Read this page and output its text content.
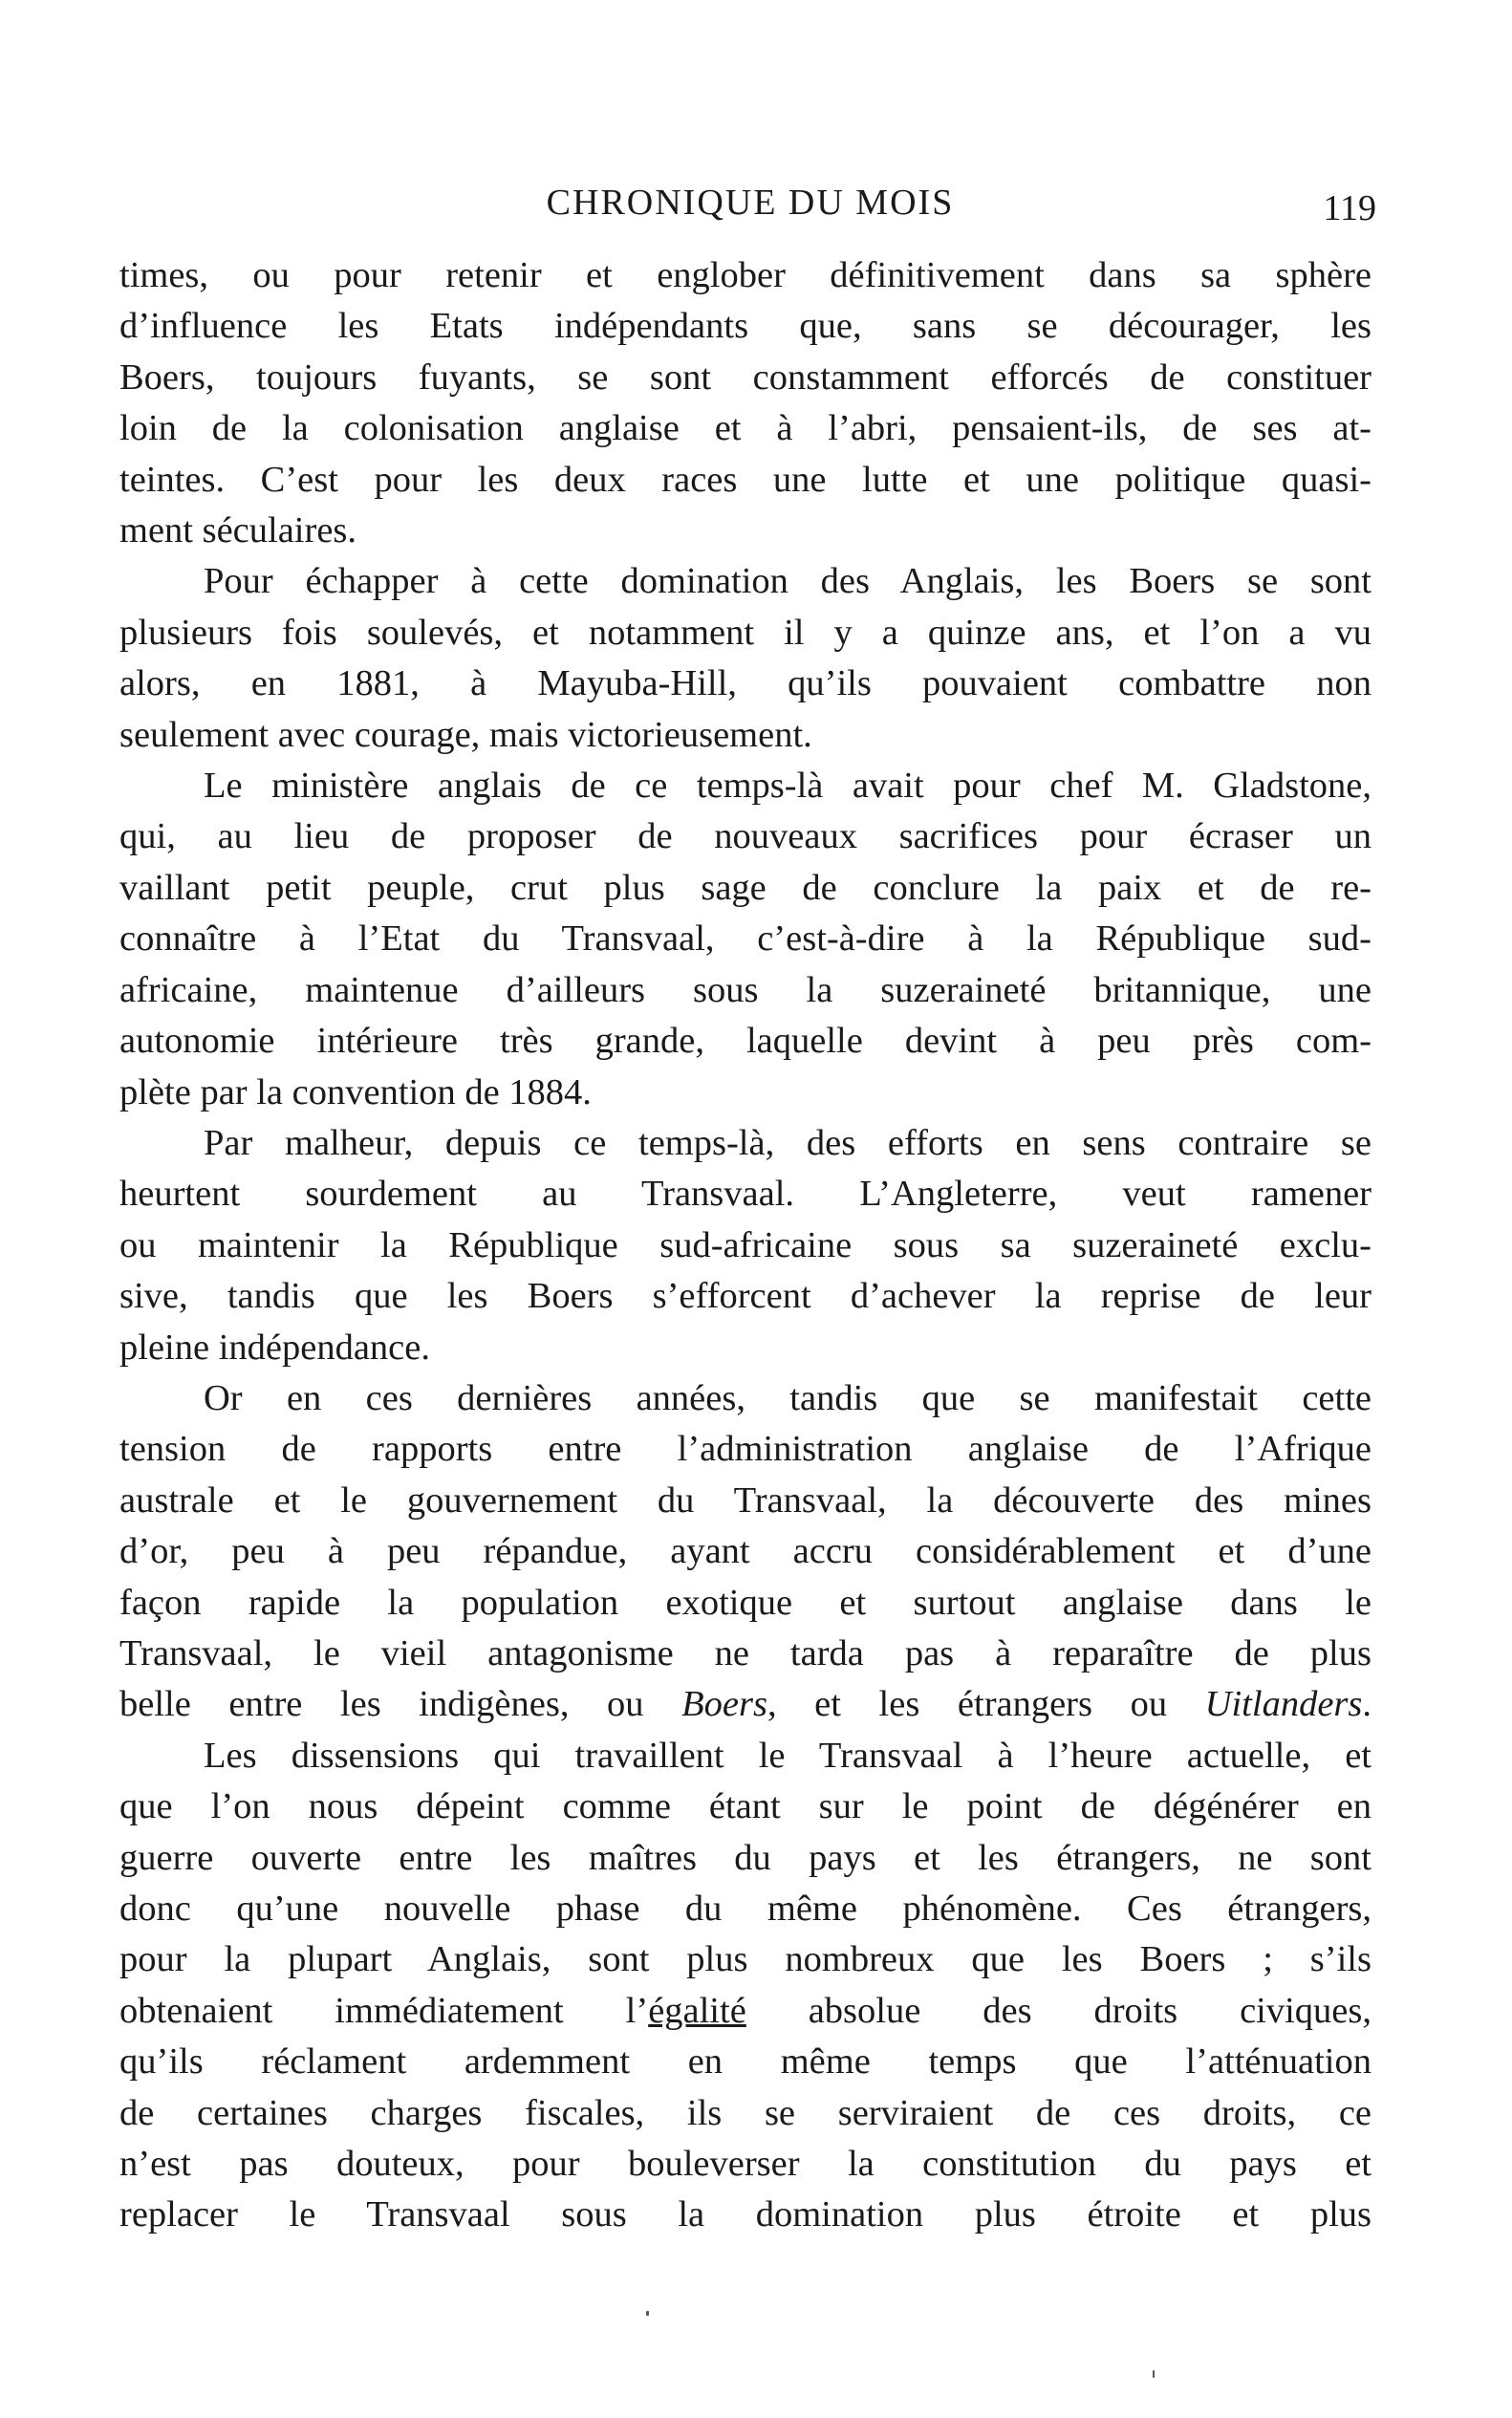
CHRONIQUE DU MOIS	119

times, ou pour retenir et englober définitivement dans sa sphère
d’influence les Etats indépendants que, sans se décourager, les
Boers, toujours fuyants, se sont constamment efforcés de constituer
loin de la colonisation anglaise et à l’abri, pensaient-ils, de ses at-
teintes. C’est pour les deux races une lutte et une politique quasi-
ment séculaires.

Pour échapper à cette domination des Anglais, les Boers se sont
plusieurs fois soulevés, et notamment il y a quinze ans, et l’on a vu
alors, en 1881, à Mayuba-Hill, qu’ils pouvaient combattre non
seulement avec courage, mais victorieusement.

Le ministère anglais de ce temps-là avait pour chef M. Gladstone,
qui, au lieu de proposer de nouveaux sacrifices pour écraser un
vaillant petit peuple, crut plus sage de conclure la paix et de re-
connaître à l’Etat du Transvaal, c’est-à-dire à la République sud-
africaine, maintenue d’ailleurs sous la suzeraineté britannique, une
autonomie intérieure très grande, laquelle devint à peu près com-
plète par la convention de 1884.

Par malheur, depuis ce temps-là, des efforts en sens contraire se
heurtent sourdement au Transvaal. L’Angleterre, veut ramener
ou maintenir la République sud-africaine sous sa suzeraineté exclu-
sive, tandis que les Boers s’efforcent d’achever la reprise de leur
pleine indépendance.

Or en ces dernières années, tandis que se manifestait cette
tension de rapports entre l’administration anglaise de l’Afrique
australe et le gouvernement du Transvaal, la découverte des mines
d’or, peu à peu répandue, ayant accru considérablement et d’une
façon rapide la population exotique et surtout anglaise dans le
Transvaal, le vieil antagonisme ne tarda pas à reparaître de plus
belle entre les indigènes, ou Boers, et les étrangers ou Uitlanders.

Les dissensions qui travaillent le Transvaal à l’heure actuelle, et
que l’on nous dépeint comme étant sur le point de dégénérer en
guerre ouverte entre les maîtres du pays et les étrangers, ne sont
donc qu’une nouvelle phase du même phénomène. Ces étrangers,
pour la plupart Anglais, sont plus nombreux que les Boers ; s’ils
obtenaient immédiatement l’égalité absolue des droits civiques,
qu’ils réclament ardemment en même temps que l’atténuation
de certaines charges fiscales, ils se serviraient de ces droits, ce
n’est pas douteux, pour bouleverser la constitution du pays et
replacer le Transvaal sous la domination plus étroite et plus
